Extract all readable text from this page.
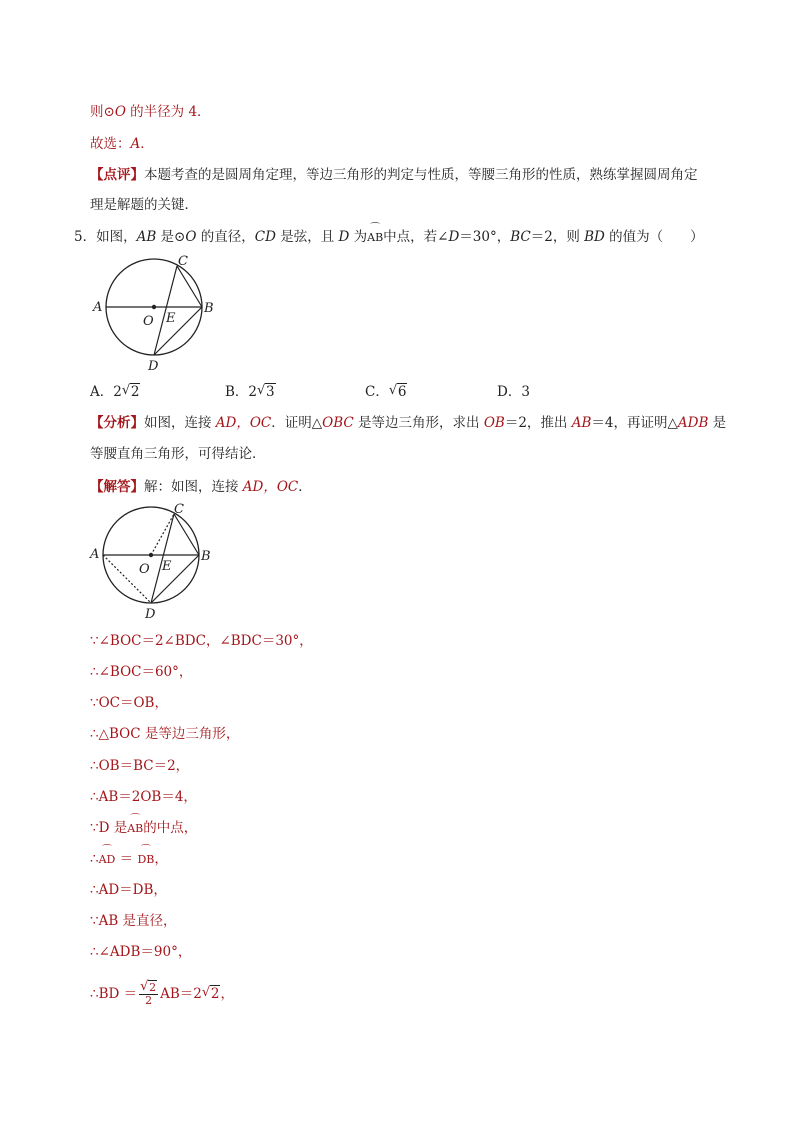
则⊙O 的半径为 4．
故选：A．
【点评】本题考查的是圆周角定理，等边三角形的判定与性质，等腰三角形的性质，熟练掌握圆周角定
理是解题的关键．
5．如图，AB 是⊙O 的直径，CD 是弦，且 D 为⌒ AB中点，若∠D＝30°，BC＝2，则 BD 的值为（　　）
A	B
C
D
O E
A．2√ 2	B．2√ 3	C．√ 6	D．3
【分析】如图，连接 AD，OC．证明△OBC 是等边三角形，求出 OB＝2，推出 AB＝4，再证明△ADB 是
等腰直角三角形，可得结论．
【解答】解：如图，连接 AD，OC．
A	B
C
D
O E
∵∠BOC＝2∠BDC，∠BDC＝30°，
∴∠BOC＝60°，
∵OC＝OB，
∴△BOC 是等边三角形，
∴OB＝BC＝2，
∴AB＝2OB＝4，
∵D 是⌒ AB的中点，
∴⌒ AD ＝ ⌒ DB，
∴AD＝DB，
∵AB 是直径，
∴∠ADB＝90°，
∴BD ＝
√ $\frac{2}{2} AB=2√$ 2，
